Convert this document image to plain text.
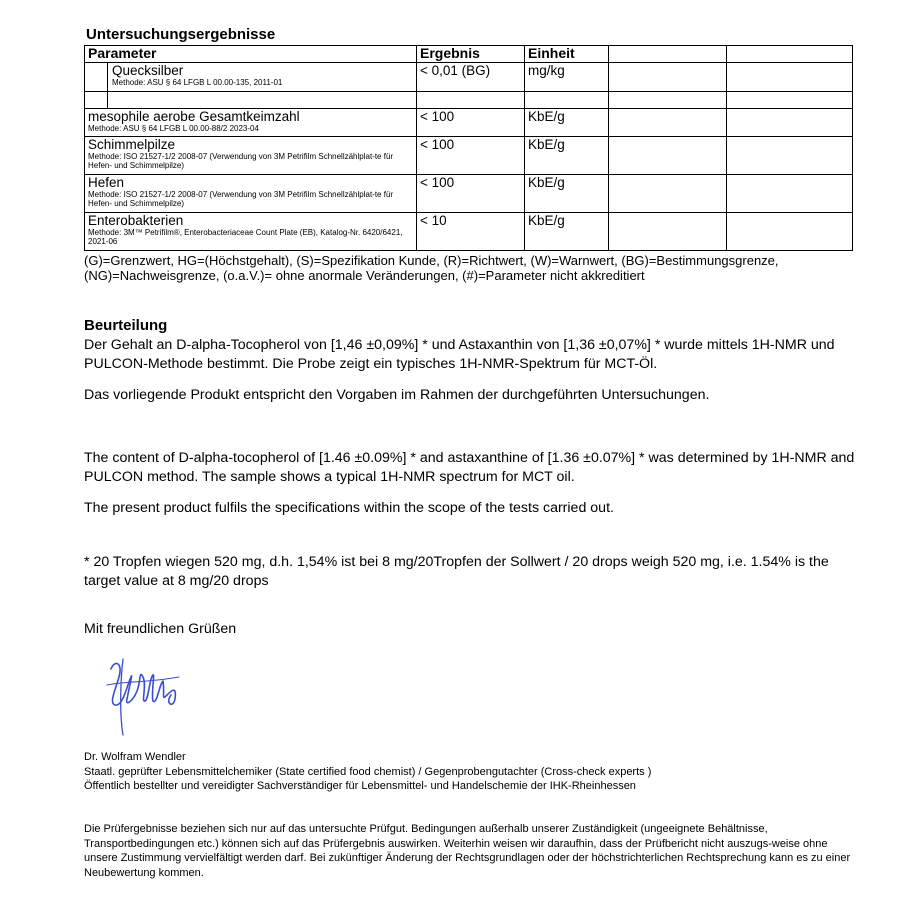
Untersuchungsergebnisse
Parameter	Ergebnis	Einheit		

Quecksilber
Methode: ASU § 64 LFGB L 00.00-135, 2011-01	< 0,01 (BG)	mg/kg		

mesophile aerobe Gesamtkeimzahl
Methode: ASU § 64 LFGB L 00.00-88/2 2023-04	< 100	KbE/g		
Schimmelpilze
Methode: ISO 21527-1/2 2008-07 (Verwendung von 3M Petrifilm Schnellzählplat-te für Hefen- und Schimmelpilze)	< 100	KbE/g		
Hefen
Methode: ISO 21527-1/2 2008-07 (Verwendung von 3M Petrifilm Schnellzählplat-te für Hefen- und Schimmelpilze)	< 100	KbE/g		
Enterobakterien
Methode: 3M™ Petrifilm®, Enterobacteriaceae Count Plate (EB), Katalog-Nr. 6420/6421, 2021-06	< 10	KbE/g		
(G)=Grenzwert, HG=(Höchstgehalt), (S)=Spezifikation Kunde, (R)=Richtwert, (W)=Warnwert, (BG)=Bestimmungsgrenze,
(NG)=Nachweisgrenze, (o.a.V.)= ohne anormale Veränderungen, (#)=Parameter nicht akkreditiert
Beurteilung
Der Gehalt an D-alpha-Tocopherol von [1,46 ±0,09%] * und Astaxanthin von [1,36 ±0,07%] * wurde mittels 1H-NMR und PULCON-Methode bestimmt. Die Probe zeigt ein typisches 1H-NMR-Spektrum für MCT-Öl.
Das vorliegende Produkt entspricht den Vorgaben im Rahmen der durchgeführten Untersuchungen.
The content of D-alpha-tocopherol of [1.46 ±0.09%] * and astaxanthine of [1.36 ±0.07%] * was determined by 1H-NMR and PULCON method. The sample shows a typical 1H-NMR spectrum for MCT oil.
The present product fulfils the specifications within the scope of the tests carried out.
* 20 Tropfen wiegen 520 mg, d.h. 1,54% ist bei 8 mg/20Tropfen der Sollwert / 20 drops weigh 520 mg, i.e. 1.54% is the target value at 8 mg/20 drops
Mit freundlichen Grüßen
Dr. Wolfram Wendler
Staatl. geprüfter Lebensmittelchemiker (State certified food chemist) / Gegenprobengutachter (Cross-check experts )
Öffentlich bestellter und vereidigter Sachverständiger für Lebensmittel- und Handelschemie der IHK-Rheinhessen
Die Prüfergebnisse beziehen sich nur auf das untersuchte Prüfgut. Bedingungen außerhalb unserer Zuständigkeit (ungeeignete Behältnisse, Transportbedingungen etc.) können sich auf das Prüfergebnis auswirken. Weiterhin weisen wir daraufhin, dass der Prüfbericht nicht auszugs-weise ohne unsere Zustimmung vervielfältigt werden darf. Bei zukünftiger Änderung der Rechtsgrundlagen oder der höchstrichterlichen Rechtsprechung kann es zu einer Neubewertung kommen.
